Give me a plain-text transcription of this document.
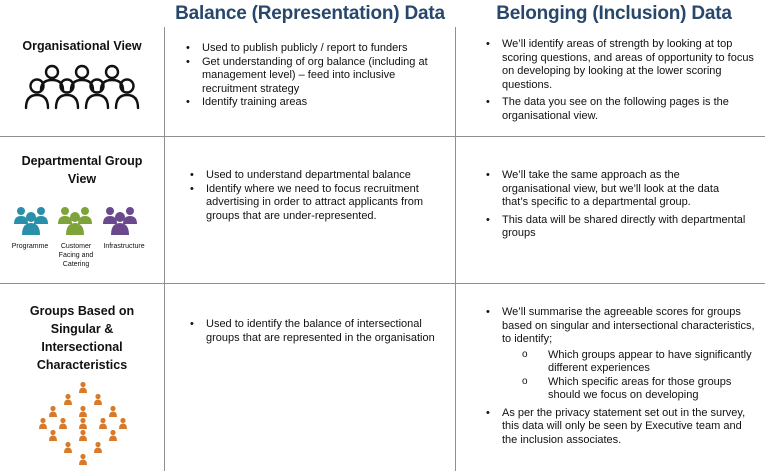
Balance (Representation) Data	Belonging (Inclusion) Data
Organisational View
•	Used to publish publicly / report to funders
• Get understanding of org balance (including at management level) – feed into inclusive recruitment strategy
• Identify training areas
• We’ll identify areas of strength by looking at top scoring questions, and areas of opportunity to focus on developing by looking at the lower scoring questions.
• The data you see on the following pages is the organisational view.
Departmental Group
View
Programme	Customer Facing and Catering
Infrastructure
• Used to understand departmental balance
• Identify where we need to focus recruitment advertising in order to attract applicants from groups that are under-represented.
• We’ll take the same approach as the organisational view, but we’ll look at the data that’s specific to a departmental group.
• This data will be shared directly with departmental groups
Groups Based on
Singular &
Intersectional
Characteristics
• Used to identify the balance of intersectional groups that are represented in the organisation
• We’ll summarise the agreeable scores for groups based on singular and intersectional characteristics, to identify;
o Which groups appear to have significantly different experiences
o Which specific areas for those groups should we focus on developing
• As per the privacy statement set out in the survey, this data will only be seen by Executive team and the inclusion associates.
